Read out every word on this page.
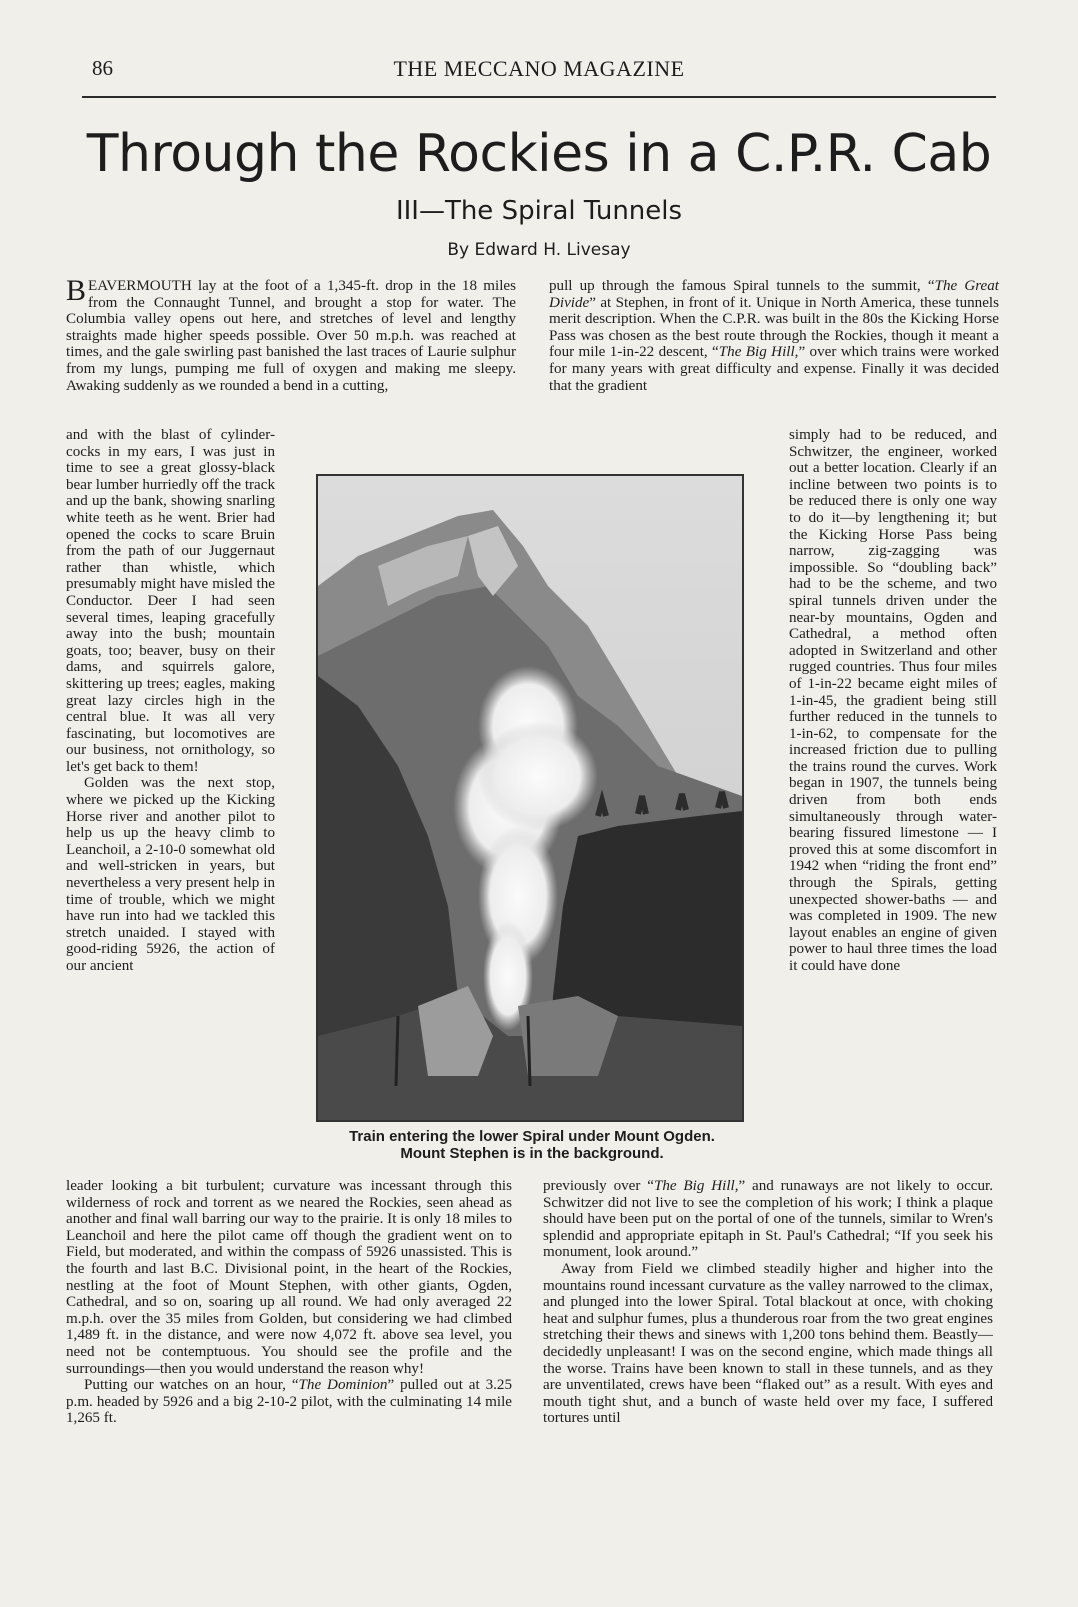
86	THE MECCANO MAGAZINE
Through the Rockies in a C.P.R. Cab
III—The Spiral Tunnels
By Edward H. Livesay

BEAVERMOUTH lay at the foot of a 1,345-ft. drop in the 18 miles from the Connaught Tunnel, and brought a stop for water. The Columbia valley opens out here, and stretches of level and lengthy straights made higher speeds possible. Over 50 m.p.h. was reached at times, and the gale swirling past banished the last traces of Laurie sulphur from my lungs, pumping me full of oxygen and making me sleepy. Awaking suddenly as we rounded a bend in a cutting,

and with the blast of cylinder-cocks in my ears, I was just in time to see a great glossy-black bear lumber hurriedly off the track and up the bank, showing snarling white teeth as he went. Brier had opened the cocks to scare Bruin from the path of our Juggernaut rather than whistle, which presumably might have misled the Conductor. Deer I had seen several times, leaping gracefully away into the bush; mountain goats, too; beaver, busy on their dams, and squirrels galore, skittering up trees; eagles, making great lazy circles high in the central blue. It was all very fascinating, but locomotives are our business, not ornithology, so let's get back to them!

Golden was the next stop, where we picked up the Kicking Horse river and another pilot to help us up the heavy climb to Leanchoil, a 2-10-0 somewhat old and well-stricken in years, but nevertheless a very present help in time of trouble, which we might have run into had we tackled this stretch unaided. I stayed with good-riding 5926, the action of our ancient

leader looking a bit turbulent; curvature was incessant through this wilderness of rock and torrent as we neared the Rockies, seen ahead as another and final wall barring our way to the prairie. It is only 18 miles to Leanchoil and here the pilot came off though the gradient went on to Field, but moderated, and within the compass of 5926 unassisted. This is the fourth and last B.C. Divisional point, in the heart of the Rockies, nestling at the foot of Mount Stephen, with other giants, Ogden, Cathedral, and so on, soaring up all round. We had only averaged 22 m.p.h. over the 35 miles from Golden, but considering we had climbed 1,489 ft. in the distance, and were now 4,072 ft. above sea level, you need not be contemptuous. You should see the profile and the surroundings—then you would understand the reason why!

Putting our watches on an hour, “The Dominion” pulled out at 3.25 p.m. headed by 5926 and a big 2-10-2 pilot, with the culminating 14 mile 1,265 ft.

pull up through the famous Spiral tunnels to the summit, “The Great Divide” at Stephen, in front of it. Unique in North America, these tunnels merit description. When the C.P.R. was built in the 80s the Kicking Horse Pass was chosen as the best route through the Rockies, though it meant a four mile 1-in-22 descent, “The Big Hill,” over which trains were worked for many years with great difficulty and expense. Finally it was decided that the gradient

simply had to be reduced, and Schwitzer, the engineer, worked out a better location. Clearly if an incline between two points is to be reduced there is only one way to do it—by lengthening it; but the Kicking Horse Pass being narrow, zig-zagging was impossible. So “doubling back” had to be the scheme, and two spiral tunnels driven under the near-by mountains, Ogden and Cathedral, a method often adopted in Switzerland and other rugged countries. Thus four miles of 1-in-22 became eight miles of 1-in-45, the gradient being still further reduced in the tunnels to 1-in-62, to compensate for the increased friction due to pulling the trains round the curves. Work began in 1907, the tunnels being driven from both ends simultaneously through water-bearing fissured limestone — I proved this at some discomfort in 1942 when “riding the front end” through the Spirals, getting unexpected shower-baths — and was completed in 1909. The new layout enables an engine of given power to haul three times the load it could have done

previously over “The Big Hill,” and runaways are not likely to occur. Schwitzer did not live to see the completion of his work; I think a plaque should have been put on the portal of one of the tunnels, similar to Wren's splendid and appropriate epitaph in St. Paul's Cathedral; “If you seek his monument, look around.”

Away from Field we climbed steadily higher and higher into the mountains round incessant curvature as the valley narrowed to the climax, and plunged into the lower Spiral. Total blackout at once, with choking heat and sulphur fumes, plus a thunderous roar from the two great engines stretching their thews and sinews with 1,200 tons behind them. Beastly—decidedly unpleasant! I was on the second engine, which made things all the worse. Trains have been known to stall in these tunnels, and as they are unventilated, crews have been “flaked out” as a result. With eyes and mouth tight shut, and a bunch of waste held over my face, I suffered tortures until

Train entering the lower Spiral under Mount Ogden.
Mount Stephen is in the background.
